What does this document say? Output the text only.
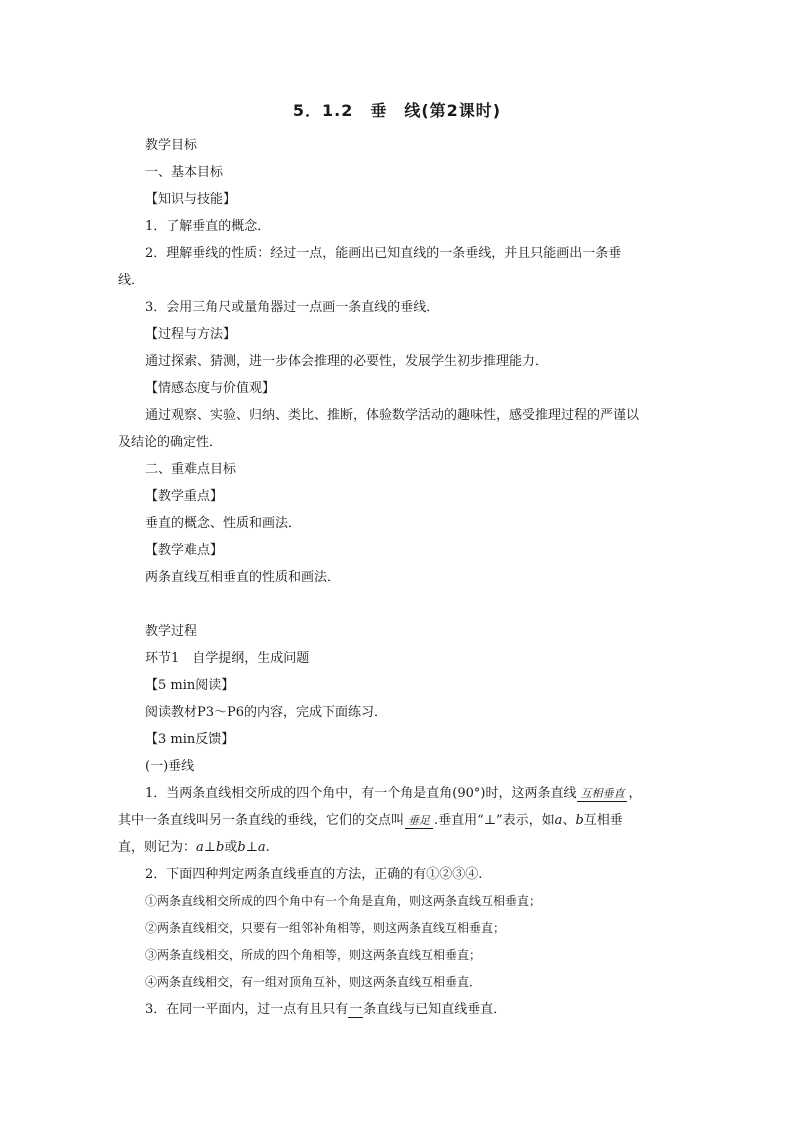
5．1.2　垂　线(第2课时)
教学目标
一、基本目标
【知识与技能】
1．了解垂直的概念．
2．理解垂线的性质：经过一点，能画出已知直线的一条垂线，并且只能画出一条垂
线．
3．会用三角尺或量角器过一点画一条直线的垂线．
【过程与方法】
通过探索、猜测，进一步体会推理的必要性，发展学生初步推理能力．
【情感态度与价值观】
通过观察、实验、归纳、类比、推断，体验数学活动的趣味性，感受推理过程的严谨以
及结论的确定性．
二、重难点目标
【教学重点】
垂直的概念、性质和画法．
【教学难点】
两条直线互相垂直的性质和画法．
教学过程
环节1　自学提纲，生成问题
【5 min阅读】
阅读教材P3～P6的内容，完成下面练习．
【3 min反馈】
(一)垂线
1．当两条直线相交所成的四个角中，有一个角是直角(90°)时，这两条直线 互相垂直 ，
其中一条直线叫另一条直线的垂线，它们的交点叫 垂足 .垂直用“⊥”表示，如a、b互相垂
直，则记为：a⊥b或b⊥a.
2．下面四种判定两条直线垂直的方法，正确的有①②③④.
①两条直线相交所成的四个角中有一个角是直角，则这两条直线互相垂直；
②两条直线相交，只要有一组邻补角相等，则这两条直线互相垂直；
③两条直线相交，所成的四个角相等，则这两条直线互相垂直；
④两条直线相交，有一组对顶角互补，则这两条直线互相垂直．
3．在同一平面内，过一点有且只有一条直线与已知直线垂直．
